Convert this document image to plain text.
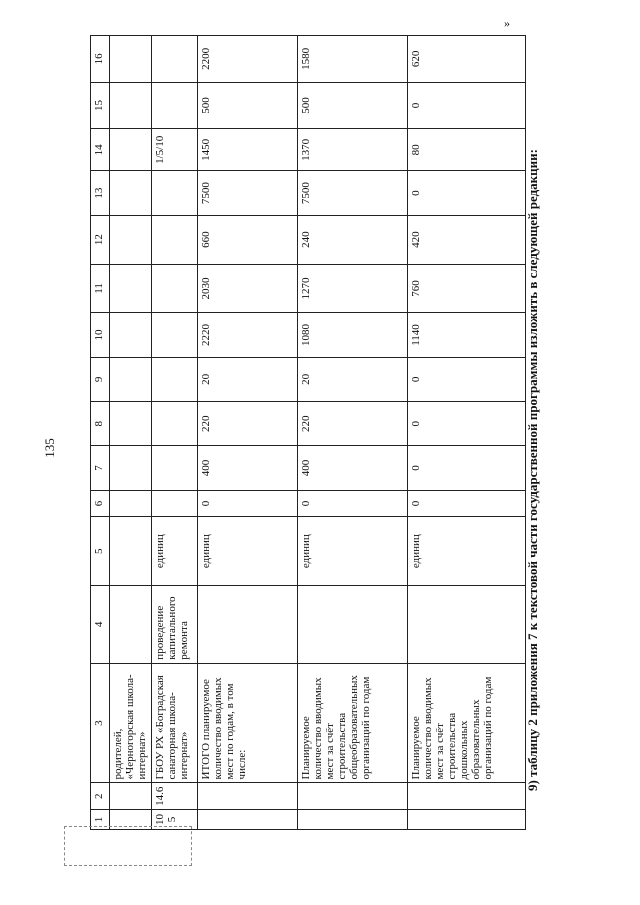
135
»
1	2	3	4	5	6	7	8	9	10	11	12	13	14	15	16
		родителей, «Черногорская школа-интернат»													
105	14.6	ГБОУ РХ «Боградская санаторная школа-интернат»	проведение капитального ремонта	единиц									1/5/10		
		ИТОГО планируемое количество вводимых мест по годам, в том числе:		единиц	0	400	220	20	2220	2030	660	7500	1450	500	2200
		Планируемое количество вводимых мест за счёт строительства общеобразовательных организаций по годам		единиц	0	400	220	20	1080	1270	240	7500	1370	500	1580
		Планируемое количество вводимых мест за счёт строительства дошкольных образовательных организаций по годам		единиц	0	0	0	0	1140	760	420	0	80	0	620
9) таблицу 2 приложения 7 к текстовой части государственной программы изложить в следующей редакции:
